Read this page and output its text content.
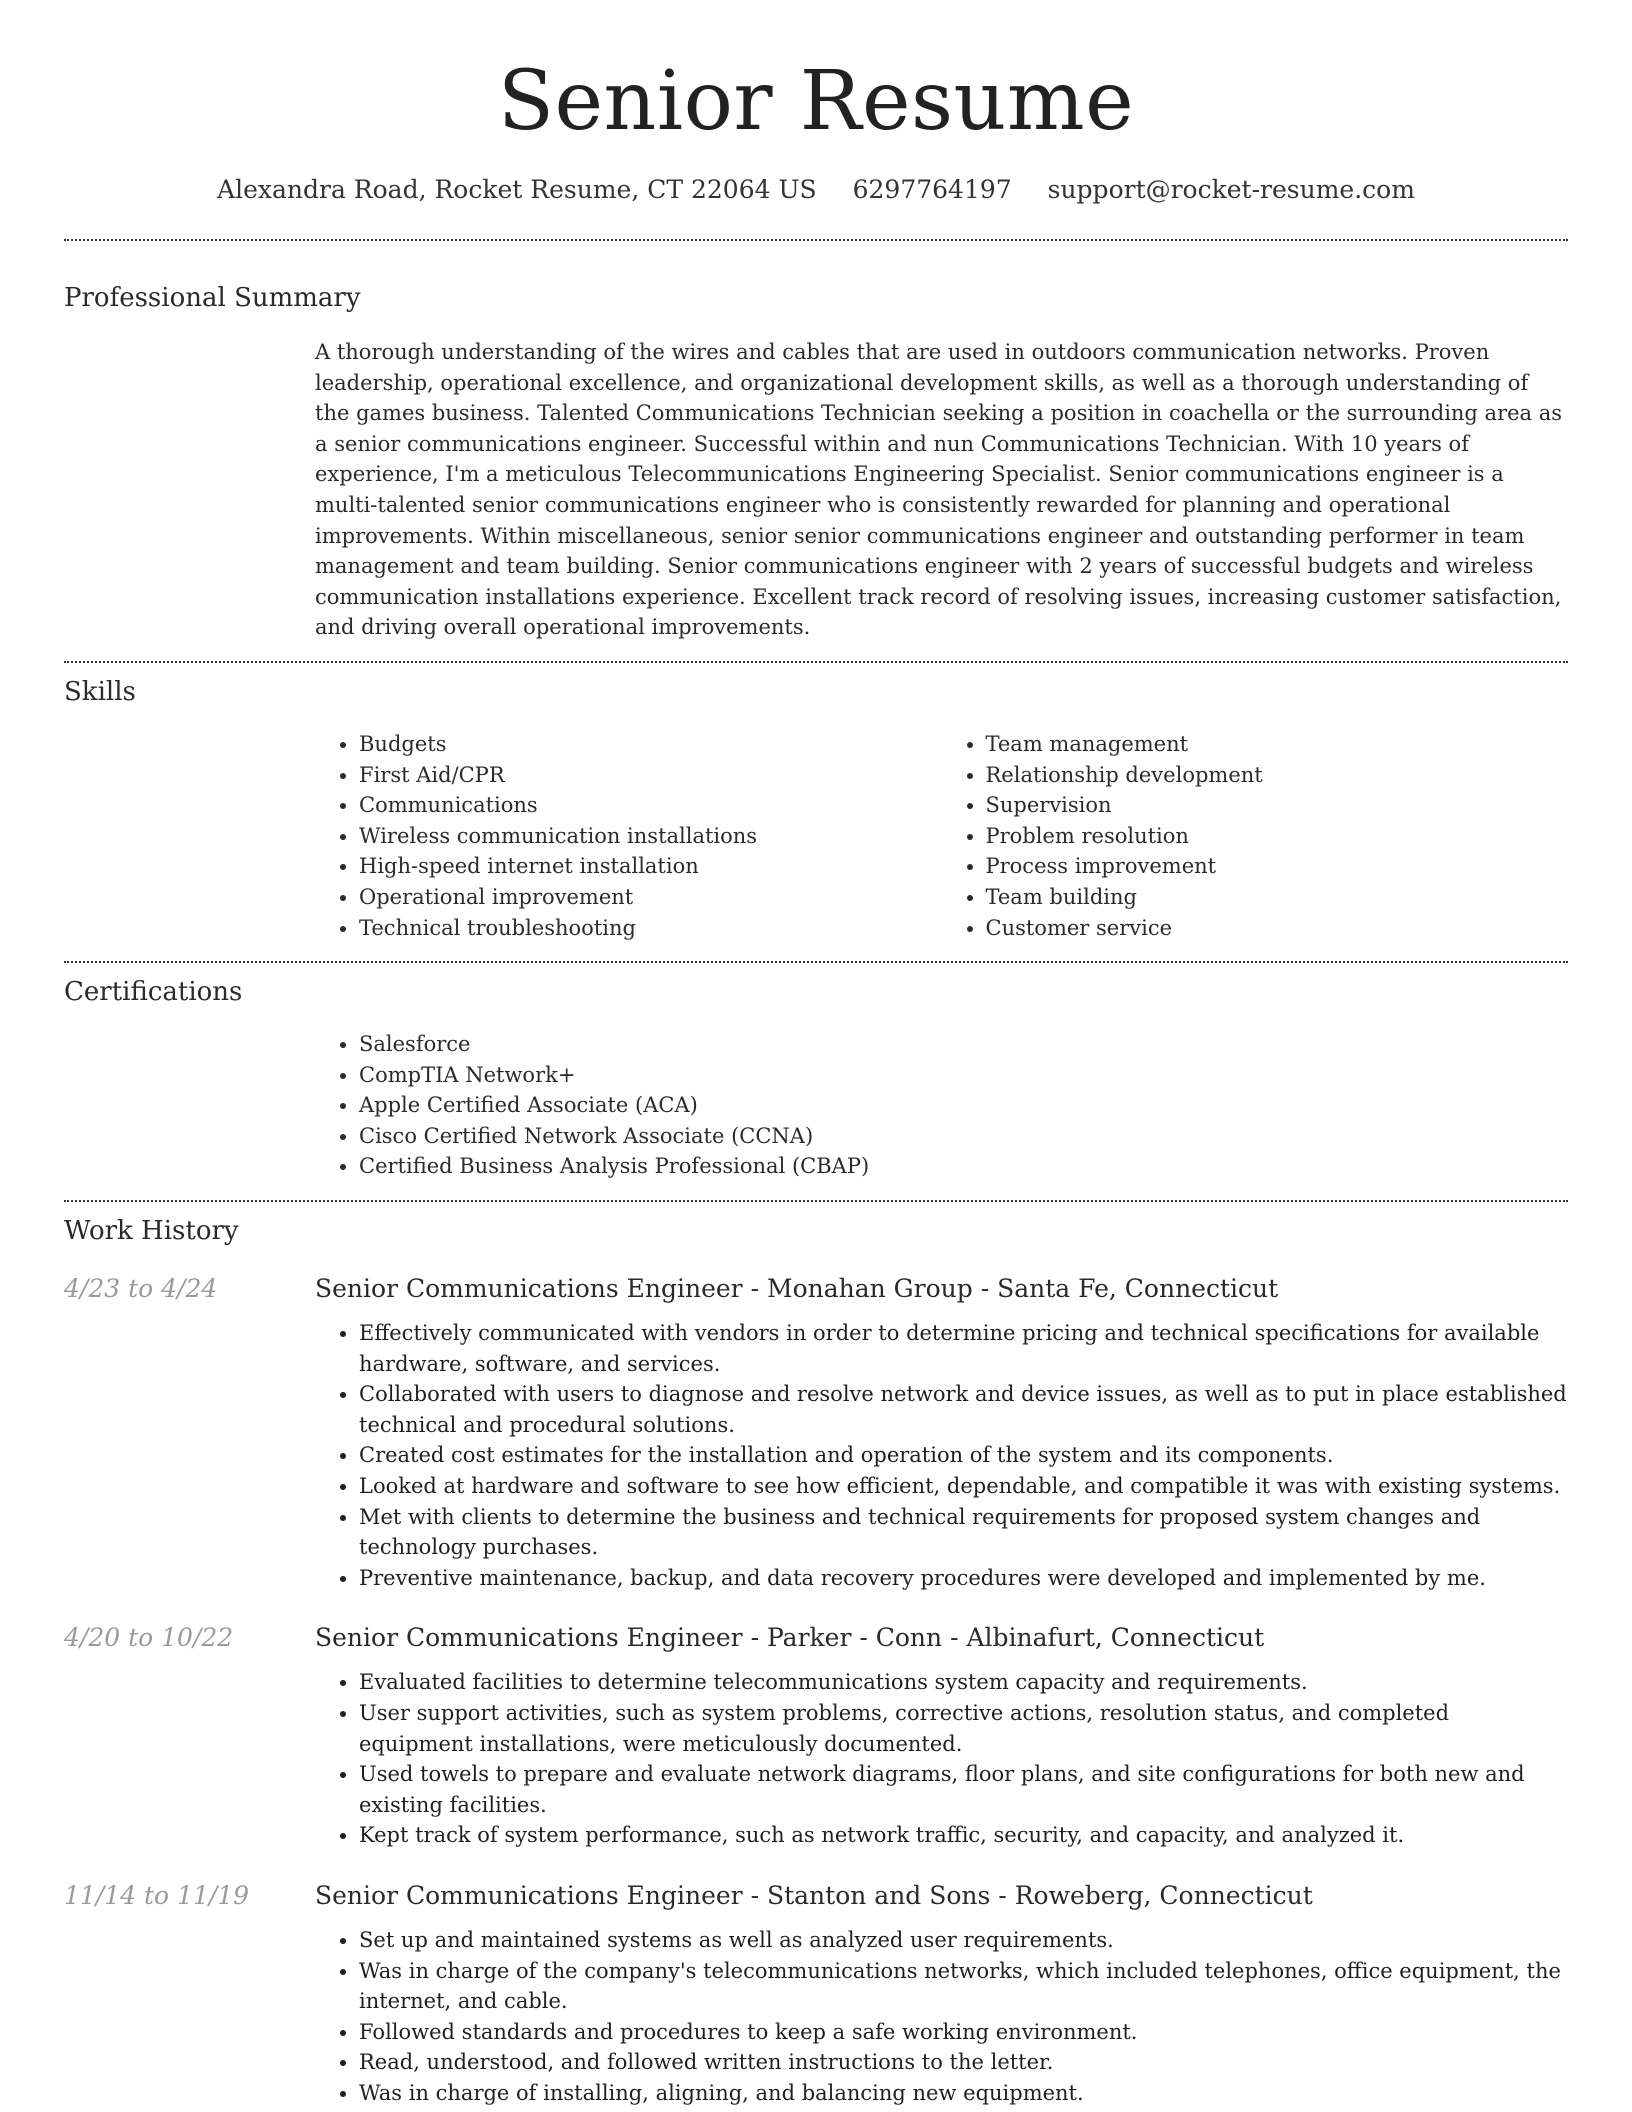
Senior Resume
Alexandra Road, Rocket Resume, CT 22064 US 6297764197 support@rocket-resume.com
Professional Summary

A thorough understanding of the wires and cables that are used in outdoors communication networks. Proven leadership, operational excellence, and organizational development skills, as well as a thorough understanding of the games business. Talented Communications Technician seeking a position in coachella or the surrounding area as a senior communications engineer. Successful within and nun Communications Technician. With 10 years of experience, I'm a meticulous Telecommunications Engineering Specialist. Senior communications engineer is a multi-talented senior communications engineer who is consistently rewarded for planning and operational improvements. Within miscellaneous, senior senior communications engineer and outstanding performer in team management and team building. Senior communications engineer with 2 years of successful budgets and wireless communication installations experience. Excellent track record of resolving issues, increasing customer satisfaction, and driving overall operational improvements.

Skills
• Budgets
• First Aid/CPR
• Communications
• Wireless communication installations
• High-speed internet installation
• Operational improvement
• Technical troubleshooting
• Team management
• Relationship development
• Supervision
• Problem resolution
• Process improvement
• Team building
• Customer service
Certifications
• Salesforce
• CompTIA Network+
• Apple Certified Associate (ACA)
• Cisco Certified Network Associate (CCNA)
• Certified Business Analysis Professional (CBAP)
Work History
4/23 to 4/24	Senior Communications Engineer - Monahan Group - Santa Fe, Connecticut
• Effectively communicated with vendors in order to determine pricing and technical specifications for available hardware, software, and services.
• Collaborated with users to diagnose and resolve network and device issues, as well as to put in place established technical and procedural solutions.
• Created cost estimates for the installation and operation of the system and its components.
• Looked at hardware and software to see how efficient, dependable, and compatible it was with existing systems.
• Met with clients to determine the business and technical requirements for proposed system changes and technology purchases.
• Preventive maintenance, backup, and data recovery procedures were developed and implemented by me.
4/20 to 10/22	Senior Communications Engineer - Parker - Conn - Albinafurt, Connecticut
• Evaluated facilities to determine telecommunications system capacity and requirements.
• User support activities, such as system problems, corrective actions, resolution status, and completed equipment installations, were meticulously documented.
• Used towels to prepare and evaluate network diagrams, floor plans, and site configurations for both new and existing facilities.
• Kept track of system performance, such as network traffic, security, and capacity, and analyzed it.
11/14 to 11/19	Senior Communications Engineer - Stanton and Sons - Roweberg, Connecticut
• Set up and maintained systems as well as analyzed user requirements.
• Was in charge of the company's telecommunications networks, which included telephones, office equipment, the internet, and cable.
• Followed standards and procedures to keep a safe working environment.
• Read, understood, and followed written instructions to the letter.
• Was in charge of installing, aligning, and balancing new equipment.
